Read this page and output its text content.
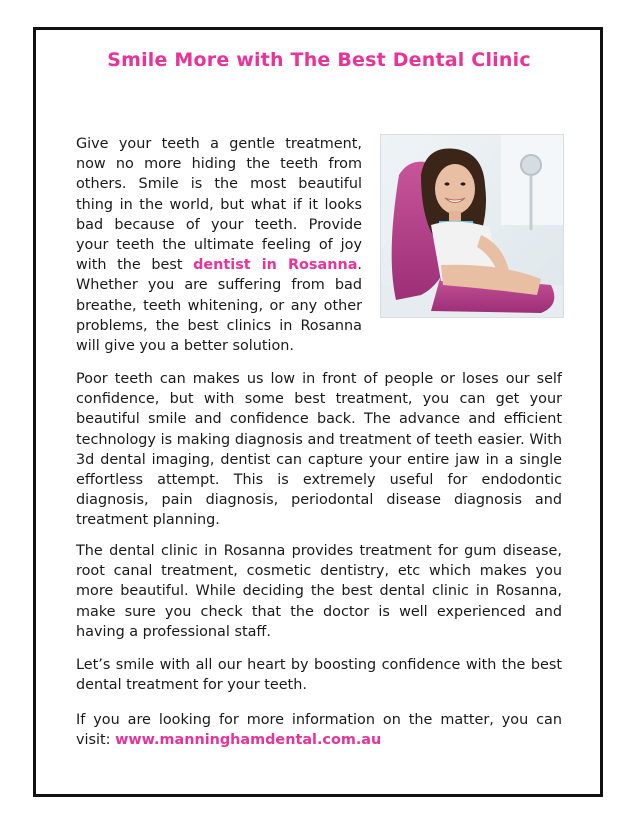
Smile More with The Best Dental Clinic

Give your teeth a gentle treatment, now no more hiding the teeth from others. Smile is the most beautiful thing in the world, but what if it looks bad because of your teeth. Provide your teeth the ultimate feeling of joy with the best dentist in Rosanna. Whether you are suffering from bad breathe, teeth whitening, or any other problems, the best clinics in Rosanna will give you a better solution.

Poor teeth can makes us low in front of people or loses our self confidence, but with some best treatment, you can get your beautiful smile and confidence back. The advance and efficient technology is making diagnosis and treatment of teeth easier. With 3d dental imaging, dentist can capture your entire jaw in a single effortless attempt. This is extremely useful for endodontic diagnosis, pain diagnosis, periodontal disease diagnosis and treatment planning.

The dental clinic in Rosanna provides treatment for gum disease, root canal treatment, cosmetic dentistry, etc which makes you more beautiful. While deciding the best dental clinic in Rosanna, make sure you check that the doctor is well experienced and having a professional staff.

Let’s smile with all our heart by boosting confidence with the best dental treatment for your teeth.

If you are looking for more information on the matter, you can visit: www.manninghamdental.com.au
